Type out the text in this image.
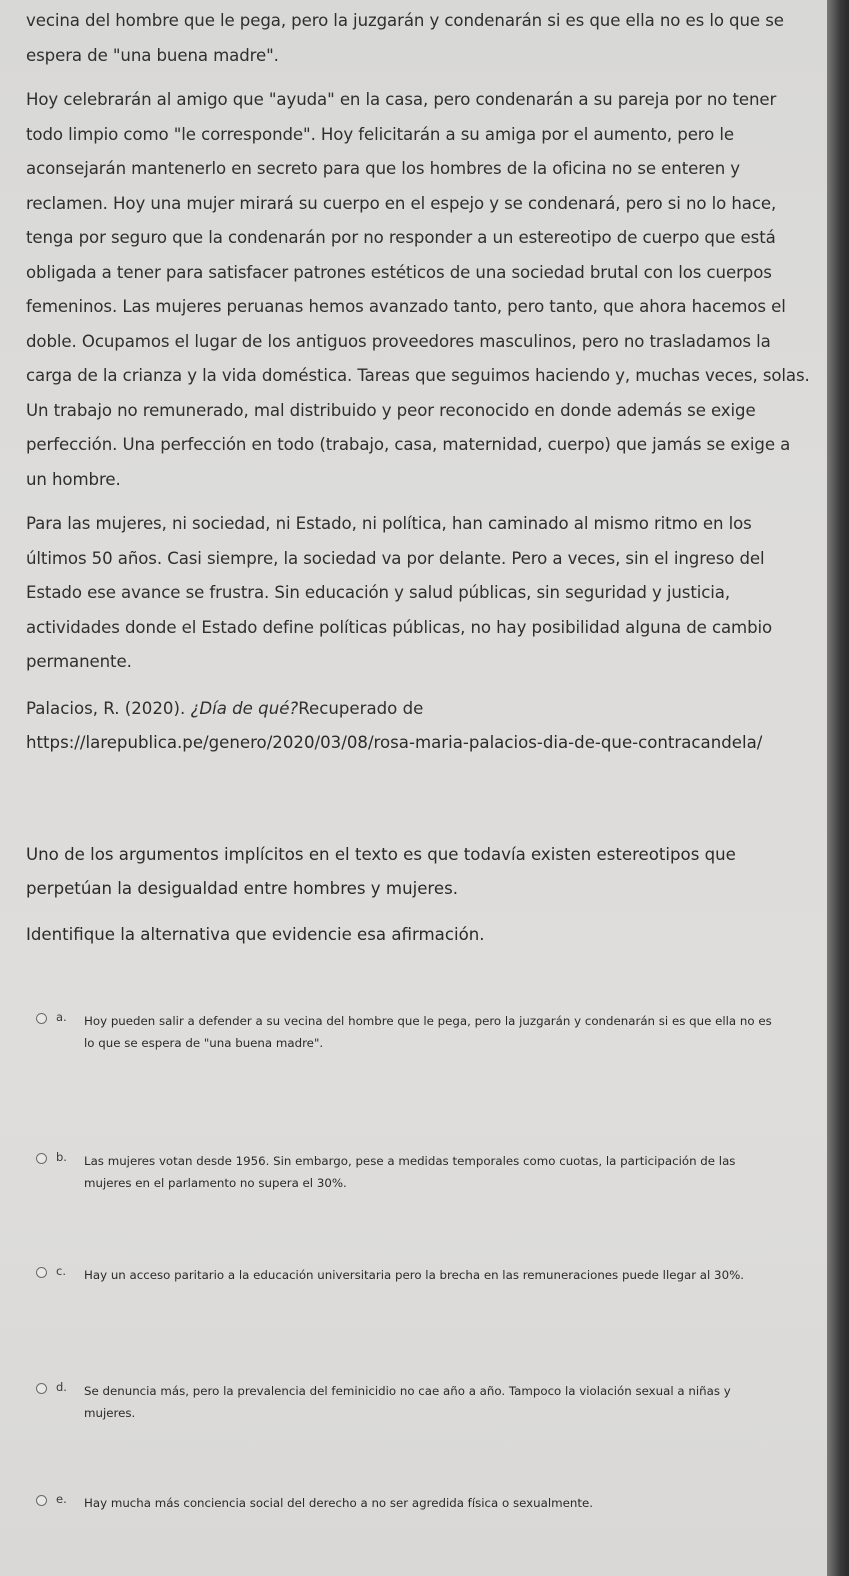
vecina del hombre que le pega, pero la juzgarán y condenarán si es que ella no es lo que se espera de "una buena madre".

Hoy celebrarán al amigo que "ayuda" en la casa, pero condenarán a su pareja por no tener todo limpio como "le corresponde". Hoy felicitarán a su amiga por el aumento, pero le aconsejarán mantenerlo en secreto para que los hombres de la oficina no se enteren y reclamen. Hoy una mujer mirará su cuerpo en el espejo y se condenará, pero si no lo hace, tenga por seguro que la condenarán por no responder a un estereotipo de cuerpo que está obligada a tener para satisfacer patrones estéticos de una sociedad brutal con los cuerpos femeninos. Las mujeres peruanas hemos avanzado tanto, pero tanto, que ahora hacemos el doble. Ocupamos el lugar de los antiguos proveedores masculinos, pero no trasladamos la carga de la crianza y la vida doméstica. Tareas que seguimos haciendo y, muchas veces, solas. Un trabajo no remunerado, mal distribuido y peor reconocido en donde además se exige perfección. Una perfección en todo (trabajo, casa, maternidad, cuerpo) que jamás se exige a un hombre.

Para las mujeres, ni sociedad, ni Estado, ni política, han caminado al mismo ritmo en los últimos 50 años. Casi siempre, la sociedad va por delante. Pero a veces, sin el ingreso del Estado ese avance se frustra. Sin educación y salud públicas, sin seguridad y justicia, actividades donde el Estado define políticas públicas, no hay posibilidad alguna de cambio permanente.

Palacios, R. (2020). ¿Día de qué?Recuperado de
https://larepublica.pe/genero/2020/03/08/rosa-maria-palacios-dia-de-que-contracandela/

Uno de los argumentos implícitos en el texto es que todavía existen estereotipos que perpetúan la desigualdad entre hombres y mujeres.

Identifique la alternativa que evidencie esa afirmación.

a. Hoy pueden salir a defender a su vecina del hombre que le pega, pero la juzgarán y condenarán si es que ella no es lo que se espera de "una buena madre".
b. Las mujeres votan desde 1956. Sin embargo, pese a medidas temporales como cuotas, la participación de las mujeres en el parlamento no supera el 30%.
c. Hay un acceso paritario a la educación universitaria pero la brecha en las remuneraciones puede llegar al 30%.
d. Se denuncia más, pero la prevalencia del feminicidio no cae año a año. Tampoco la violación sexual a niñas y mujeres.
e. Hay mucha más conciencia social del derecho a no ser agredida física o sexualmente.
